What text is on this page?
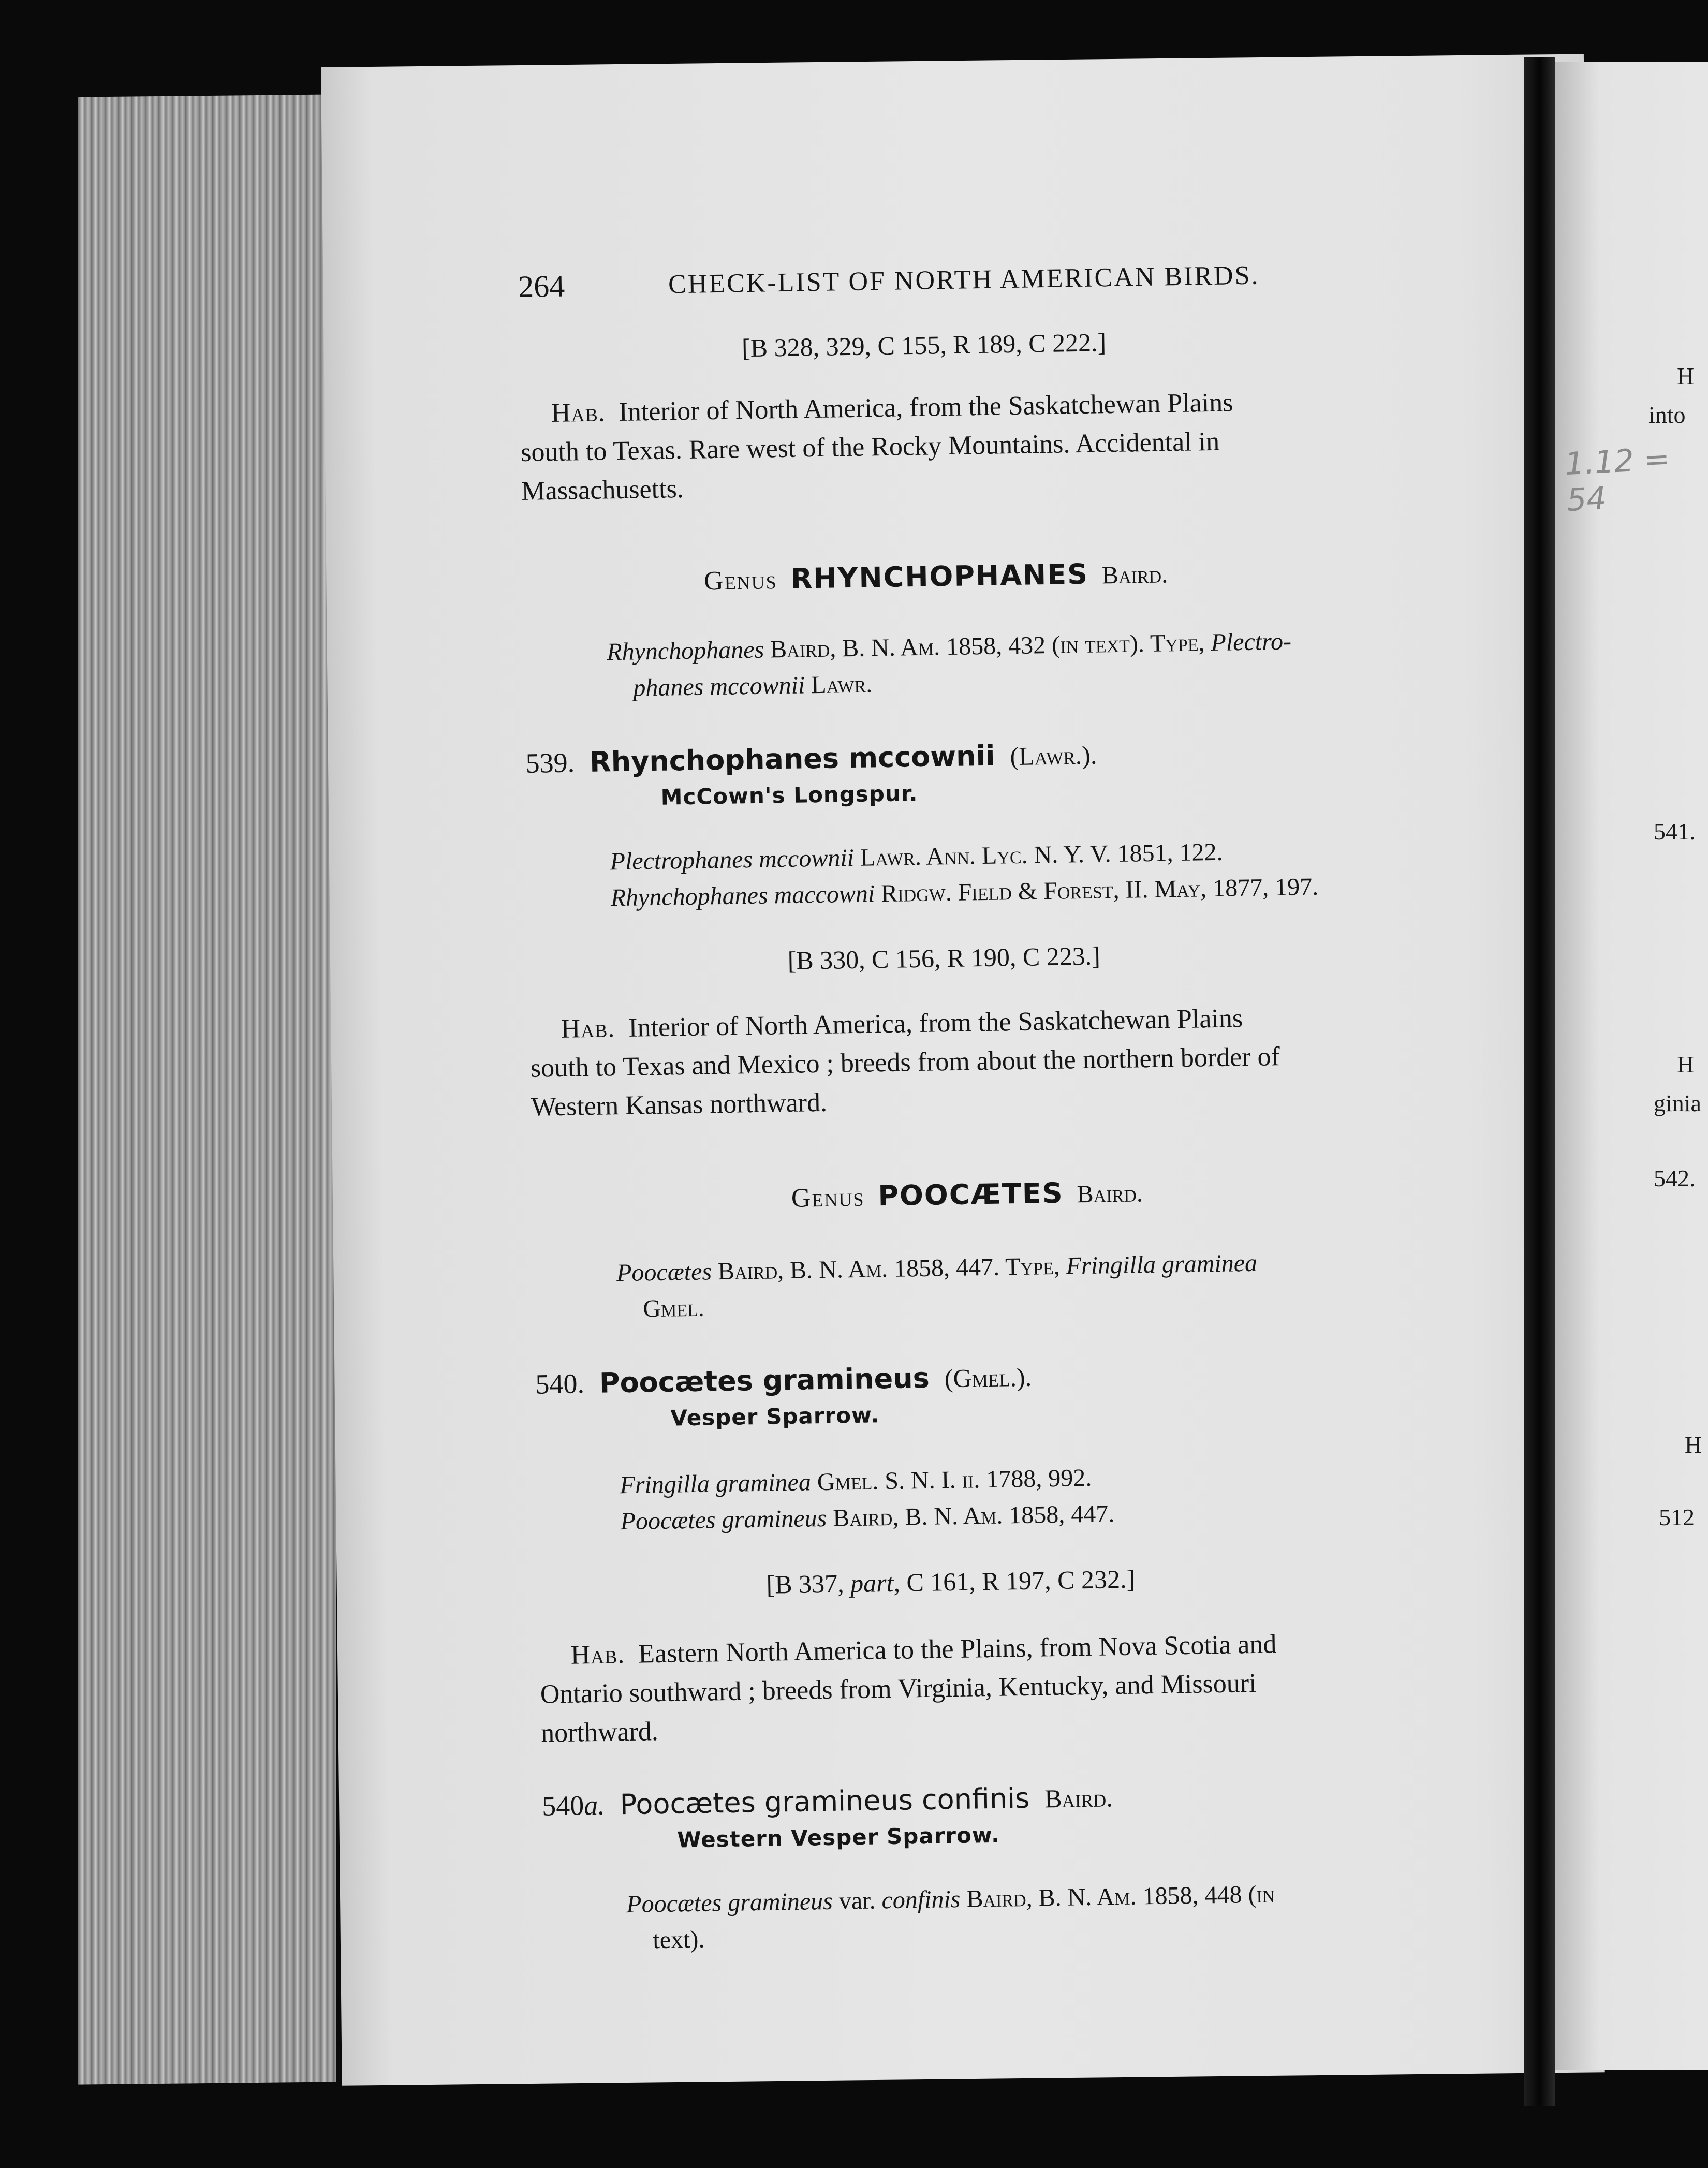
H
into
1.12 = 54
541.
H
ginia
542.
H
512
264	CHECK-LIST OF NORTH AMERICAN BIRDS.
[B 328, 329, C 155, R 189, C 222.]
Hab. Interior of North America, from the Saskatchewan Plains
south to Texas. Rare west of the Rocky Mountains. Accidental in
Massachusetts.
Genus RHYNCHOPHANES Baird.
Rhynchophanes Baird, B. N. Am. 1858, 432 (in text). Type, Plectro-
phanes mccownii Lawr.
539. Rhynchophanes mccownii (Lawr.).
McCown's Longspur.
Plectrophanes mccownii Lawr. Ann. Lyc. N. Y. V. 1851, 122.
Rhynchophanes maccowni Ridgw. Field & Forest, II. May, 1877, 197.
[B 330, C 156, R 190, C 223.]
Hab. Interior of North America, from the Saskatchewan Plains
south to Texas and Mexico ; breeds from about the northern border of
Western Kansas northward.
Genus POOCÆTES Baird.
Poocætes Baird, B. N. Am. 1858, 447. Type, Fringilla graminea
Gmel.
540. Poocætes gramineus (Gmel.).
Vesper Sparrow.
Fringilla graminea Gmel. S. N. I. ii. 1788, 992.
Poocætes gramineus Baird, B. N. Am. 1858, 447.
[B 337, part, C 161, R 197, C 232.]
Hab. Eastern North America to the Plains, from Nova Scotia and
Ontario southward ; breeds from Virginia, Kentucky, and Missouri
northward.
540a. Poocætes gramineus confinis Baird.
Western Vesper Sparrow.
Poocætes gramineus var. confinis Baird, B. N. Am. 1858, 448 (in
text).
